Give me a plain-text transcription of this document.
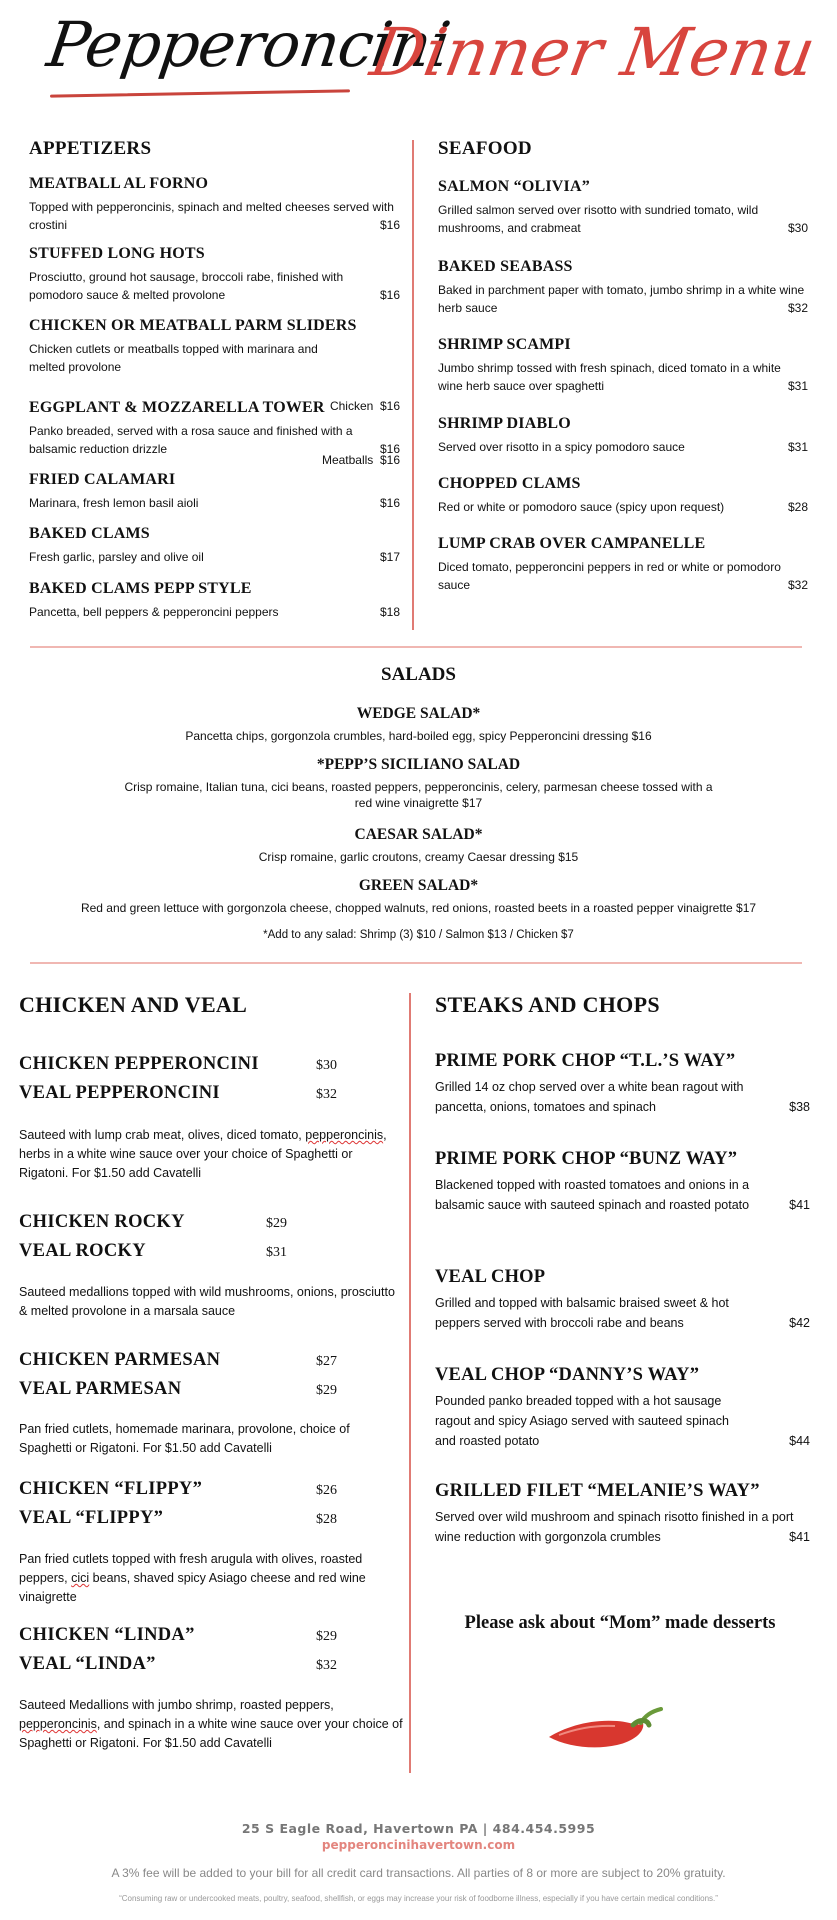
Pepperoncini
Dinner Menu
APPETIZERS
MEATBALL AL FORNO

Topped with pepperoncinis, spinach and melted cheeses served with crostini	$16

STUFFED LONG HOTS

Prosciutto, ground hot sausage, broccoli rabe, finished with pomodoro sauce & melted provolone	$16

CHICKEN OR MEATBALL PARM SLIDERS

Chicken cutlets or meatballs topped with marinara and melted provolone

Chicken  $16

Meatballs  $16

EGGPLANT & MOZZARELLA TOWER

Panko breaded, served with a rosa sauce and finished with a balsamic reduction drizzle	$16

FRIED CALAMARI

Marinara, fresh lemon basil aioli	$16

BAKED CLAMS

Fresh garlic, parsley and olive oil	$17

BAKED CLAMS PEPP STYLE

Pancetta, bell peppers & pepperoncini peppers	$18

SEAFOOD
SALMON “OLIVIA”

Grilled salmon served over risotto with sundried tomato, wild mushrooms, and crabmeat	$30

BAKED SEABASS

Baked in parchment paper with tomato, jumbo shrimp in a white wine herb sauce	$32

SHRIMP SCAMPI

Jumbo shrimp tossed with fresh spinach, diced tomato in a white wine herb sauce over spaghetti	$31

SHRIMP DIABLO

Served over risotto in a spicy pomodoro sauce	$31

CHOPPED CLAMS

Red or white or pomodoro sauce (spicy upon request)	$28

LUMP CRAB OVER CAMPANELLE

Diced tomato, pepperoncini peppers in red or white or pomodoro sauce	$32

SALADS
WEDGE SALAD*
Pancetta chips, gorgonzola crumbles, hard-boiled egg, spicy Pepperoncini dressing $16
*PEPP’S SICILIANO SALAD
Crisp romaine, Italian tuna, cici beans, roasted peppers, pepperoncinis, celery, parmesan cheese tossed with a red wine vinaigrette $17
CAESAR SALAD*
Crisp romaine, garlic croutons, creamy Caesar dressing $15
GREEN SALAD*
Red and green lettuce with gorgonzola cheese, chopped walnuts, red onions, roasted beets in a roasted pepper vinaigrette $17
*Add to any salad: Shrimp (3) $10 / Salmon $13 / Chicken $7
CHICKEN AND VEAL
CHICKEN PEPPERONCINI	$30
VEAL PEPPERONCINI	$32
Sauteed with lump crab meat, olives, diced tomato, pepperoncinis, herbs in a white wine sauce over your choice of Spaghetti or Rigatoni. For $1.50 add Cavatelli
CHICKEN ROCKY	$29
VEAL ROCKY	$31
Sauteed medallions topped with wild mushrooms, onions, prosciutto & melted provolone in a marsala sauce
CHICKEN PARMESAN	$27
VEAL PARMESAN	$29
Pan fried cutlets, homemade marinara, provolone, choice of Spaghetti or Rigatoni. For $1.50 add Cavatelli
CHICKEN “FLIPPY”	$26
VEAL “FLIPPY”	$28
Pan fried cutlets topped with fresh arugula with olives, roasted peppers, cici beans, shaved spicy Asiago cheese and red wine vinaigrette
CHICKEN “LINDA”	$29
VEAL “LINDA”	$32
Sauteed Medallions with jumbo shrimp, roasted peppers, pepperoncinis, and spinach in a white wine sauce over your choice of Spaghetti or Rigatoni. For $1.50 add Cavatelli
STEAKS AND CHOPS
PRIME PORK CHOP “T.L.’S WAY”

Grilled 14 oz chop served over a white bean ragout with pancetta, onions, tomatoes and spinach	$38

PRIME PORK CHOP “BUNZ WAY”

Blackened topped with roasted tomatoes and onions in a balsamic sauce with sauteed spinach and roasted potato	$41

VEAL CHOP

Grilled and topped with balsamic braised sweet & hot peppers served with broccoli rabe and beans	$42

VEAL CHOP “DANNY’S WAY”

Pounded panko breaded topped with a hot sausage ragout and spicy Asiago served with sauteed spinach and roasted potato	$44

GRILLED FILET “MELANIE’S WAY”

Served over wild mushroom and spinach risotto finished in a port wine reduction with gorgonzola crumbles	$41

Please ask about “Mom” made desserts
25 S Eagle Road, Havertown PA | 484.454.5995
pepperoncinihavertown.com
A 3% fee will be added to your bill for all credit card transactions. All parties of 8 or more are subject to 20% gratuity.
“Consuming raw or undercooked meats, poultry, seafood, shellfish, or eggs may increase your risk of foodborne illness, especially if you have certain medical conditions.”
